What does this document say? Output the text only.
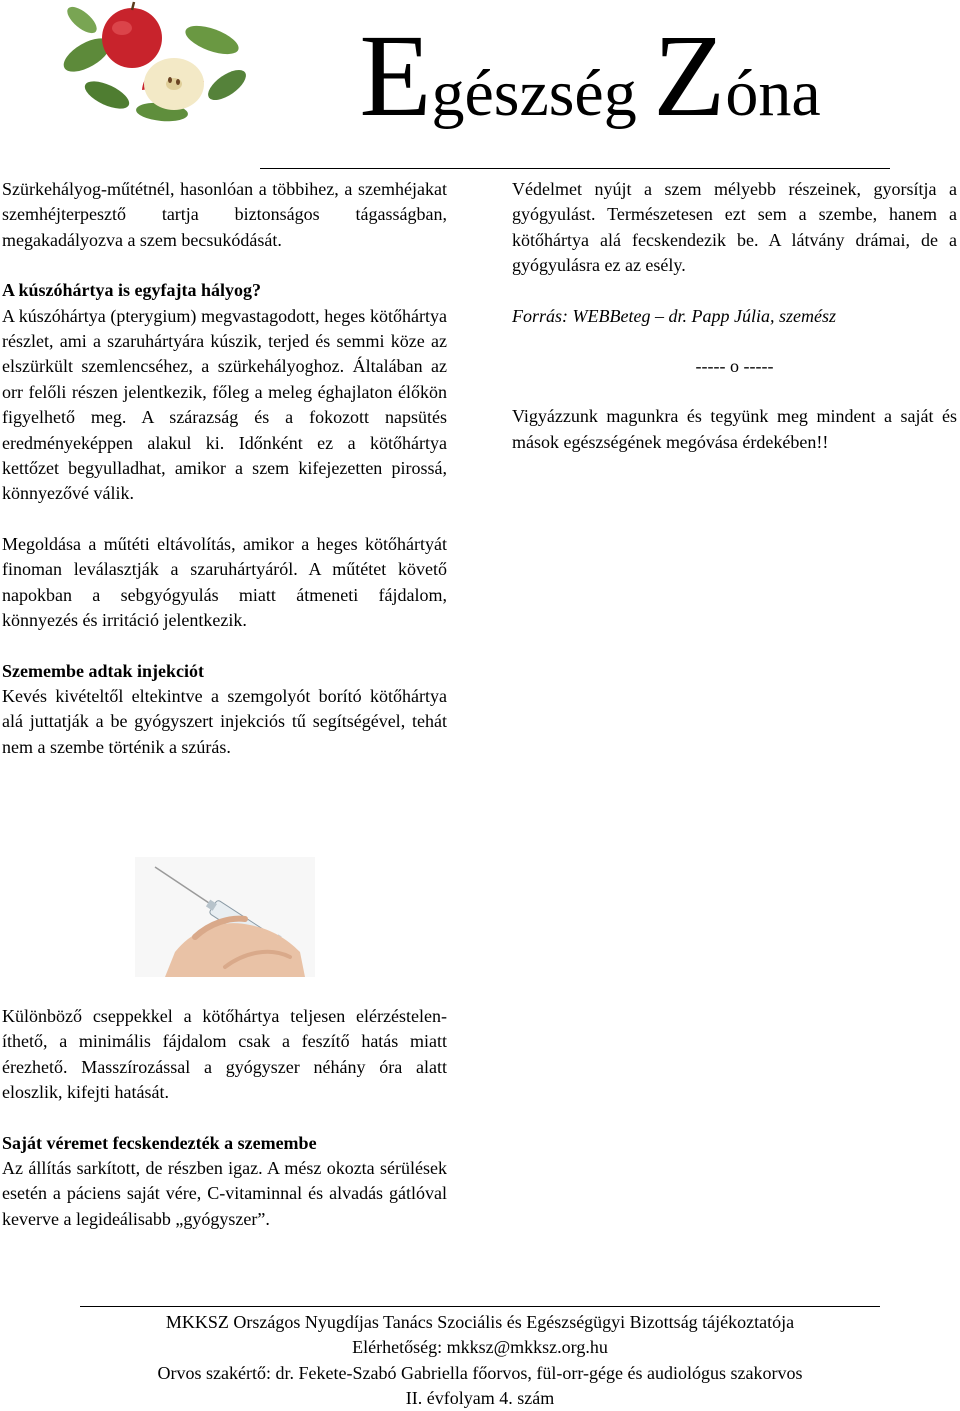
Egészség Zóna

Szürkehályog-műtétnél, hasonlóan a többihez, a szemhéjakat szemhéjterpesztő tartja biztonságos tágasságban, megakadályozva a szem becsukódását.

A kúszóhártya is egyfajta hályog?

A kúszóhártya (pterygium) megvastagodott, heges kötőhártya részlet, ami a szaruhártyára kúszik, terjed és semmi köze az elszürkült szemlencséhez, a szürkehályoghoz. Általában az orr felőli részen jelentkezik, főleg a meleg éghajlaton élőkön figyelhető meg. A szárazság és a fokozott napsütés eredményeképpen alakul ki. Időnként ez a kötőhártya kettőzet begyulladhat, amikor a szem kifejezetten pirossá, könnyezővé válik.

Megoldása a műtéti eltávolítás, amikor a heges kötőhártyát finoman leválasztják a szaruhártyáról. A műtétet követő napokban a sebgyógyulás miatt átmeneti fájdalom, könnyezés és irritáció jelentkezik.

Szemembe adtak injekciót

Kevés kivételtől eltekintve a szemgolyót borító kötőhártya alá juttatják a be gyógyszert injekciós tű segítségével, tehát nem a szembe történik a szúrás.

Különböző cseppekkel a kötőhártya teljesen elérzésteleníthető, a minimális fájdalom csak a feszítő hatás miatt érezhető. Masszírozással a gyógyszer néhány óra alatt eloszlik, kifejti hatását.

Saját véremet fecskendezték a szemembe

Az állítás sarkított, de részben igaz. A mész okozta sérülések esetén a páciens saját vére, C-vitaminnal és alvadás gátlóval keverve a legideálisabb „gyógyszer”.

Védelmet nyújt a szem mélyebb részeinek, gyorsítja a gyógyulást. Természetesen ezt sem a szembe, hanem a kötőhártya alá fecskendezik be. A látvány drámai, de a gyógyulásra ez az esély.

Forrás: WEBBeteg – dr. Papp Júlia, szemész

----- o -----

Vigyázzunk magunkra és tegyünk meg mindent a saját és mások egészségének megóvása érdekében!!

MKKSZ Országos Nyugdíjas Tanács Szociális és Egészségügyi Bizottság tájékoztatója
Elérhetőség: mkksz@mkksz.org.hu
Orvos szakértő: dr. Fekete-Szabó Gabriella főorvos, fül-orr-gége és audiológus szakorvos
II. évfolyam 4. szám
